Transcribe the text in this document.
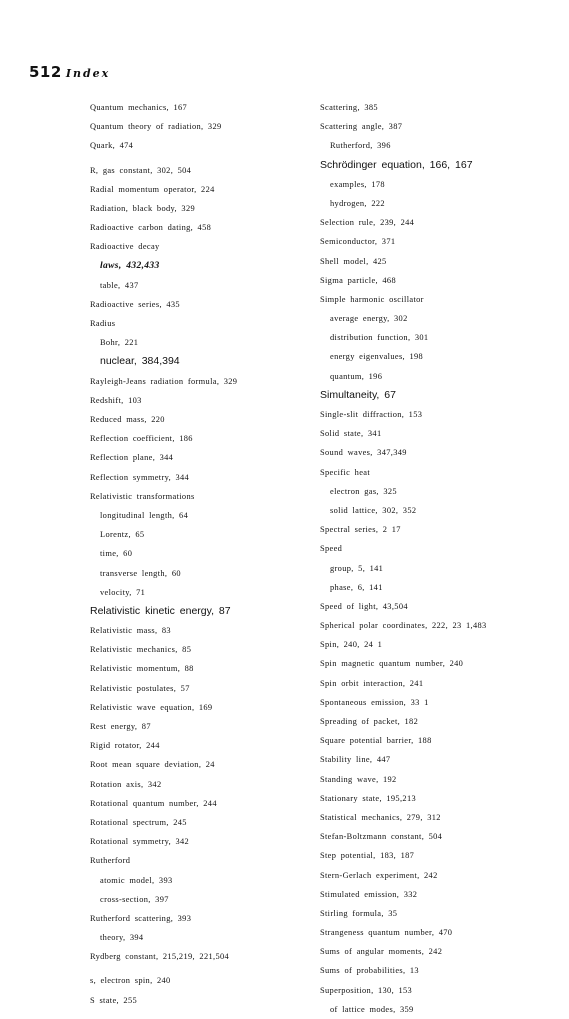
512 Index
Quantum mechanics, 167
Quantum theory of radiation, 329
Quark, 474
R, gas constant, 302, 504
Radial momentum operator, 224
Radiation, black body, 329
Radioactive carbon dating, 458
Radioactive decay
laws, 432,433
table, 437
Radioactive series, 435
Radius
Bohr, 221
nuclear, 384,394
Rayleigh-Jeans radiation formula, 329
Redshift, 103
Reduced mass, 220
Reflection coefficient, 186
Reflection plane, 344
Reflection symmetry, 344
Relativistic transformations
longitudinal length, 64
Lorentz, 65
time, 60
transverse length, 60
velocity, 71
Relativistic kinetic energy, 87
Relativistic mass, 83
Relativistic mechanics, 85
Relativistic momentum, 88
Relativistic postulates, 57
Relativistic wave equation, 169
Rest energy, 87
Rigid rotator, 244
Root mean square deviation, 24
Rotation axis, 342
Rotational quantum number, 244
Rotational spectrum, 245
Rotational symmetry, 342
Rutherford
atomic model, 393
cross-section, 397
Rutherford scattering, 393
theory, 394
Rydberg constant, 215,219, 221,504
s, electron spin, 240
S state, 255
Scattering, 385
Scattering angle, 387
Rutherford, 396
Schrödinger equation, 166, 167
examples, 178
hydrogen, 222
Selection rule, 239, 244
Semiconductor, 371
Shell model, 425
Sigma particle, 468
Simple harmonic oscillator
average energy, 302
distribution function, 301
energy eigenvalues, 198
quantum, 196
Simultaneity, 67
Single-slit diffraction, 153
Solid state, 341
Sound waves, 347,349
Specific heat
electron gas, 325
solid lattice, 302, 352
Spectral series, 2 17
Speed
group, 5, 141
phase, 6, 141
Speed of light, 43,504
Spherical polar coordinates, 222, 23 1,483
Spin, 240, 24 1
Spin magnetic quantum number, 240
Spin orbit interaction, 241
Spontaneous emission, 33 1
Spreading of packet, 182
Square potential barrier, 188
Stability line, 447
Standing wave, 192
Stationary state, 195,213
Statistical mechanics, 279, 312
Stefan-Boltzmann constant, 504
Step potential, 183, 187
Stern-Gerlach experiment, 242
Stimulated emission, 332
Stirling formula, 35
Strangeness quantum number, 470
Sums of angular moments, 242
Sums of probabilities, 13
Superposition, 130, 153
of lattice modes, 359
